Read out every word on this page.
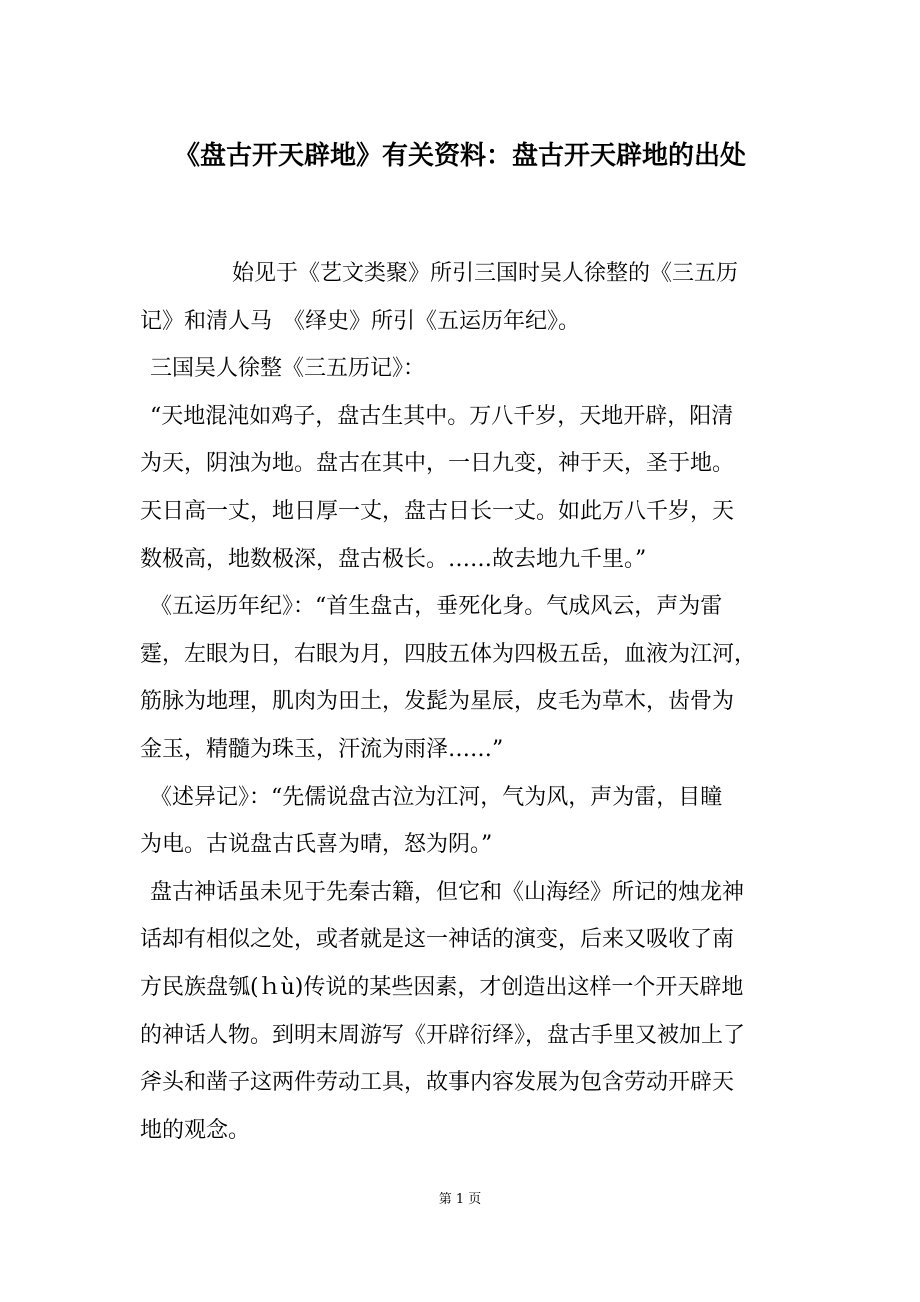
《盘古开天辟地》有关资料：盘古开天辟地的出处
始见于《艺文类聚》所引三国时吴人徐整的《三五历
记》和清人马　《绎史》所引《五运历年纪》。
三国吴人徐整《三五历记》：
“天地混沌如鸡子，盘古生其中。万八千岁，天地开辟，阳清
为天，阴浊为地。盘古在其中，一日九变，神于天，圣于地。
天日高一丈，地日厚一丈，盘古日长一丈。如此万八千岁，天
数极高，地数极深，盘古极长。……故去地九千里。”
《五运历年纪》：“首生盘古，垂死化身。气成风云，声为雷
霆，左眼为日，右眼为月，四肢五体为四极五岳，血液为江河，
筋脉为地理，肌肉为田土，发髭为星辰，皮毛为草木，齿骨为
金玉，精髓为珠玉，汗流为雨泽……”
《述异记》：“先儒说盘古泣为江河，气为风，声为雷，目瞳
为电。古说盘古氏喜为晴，怒为阴。”
盘古神话虽未见于先秦古籍，但它和《山海经》所记的烛龙神
话却有相似之处，或者就是这一神话的演变，后来又吸收了南
方民族盘瓠(ｈù)传说的某些因素，才创造出这样一个开天辟地
的神话人物。到明末周游写《开辟衍绎》，盘古手里又被加上了
斧头和凿子这两件劳动工具，故事内容发展为包含劳动开辟天
地的观念。
第 1 页
